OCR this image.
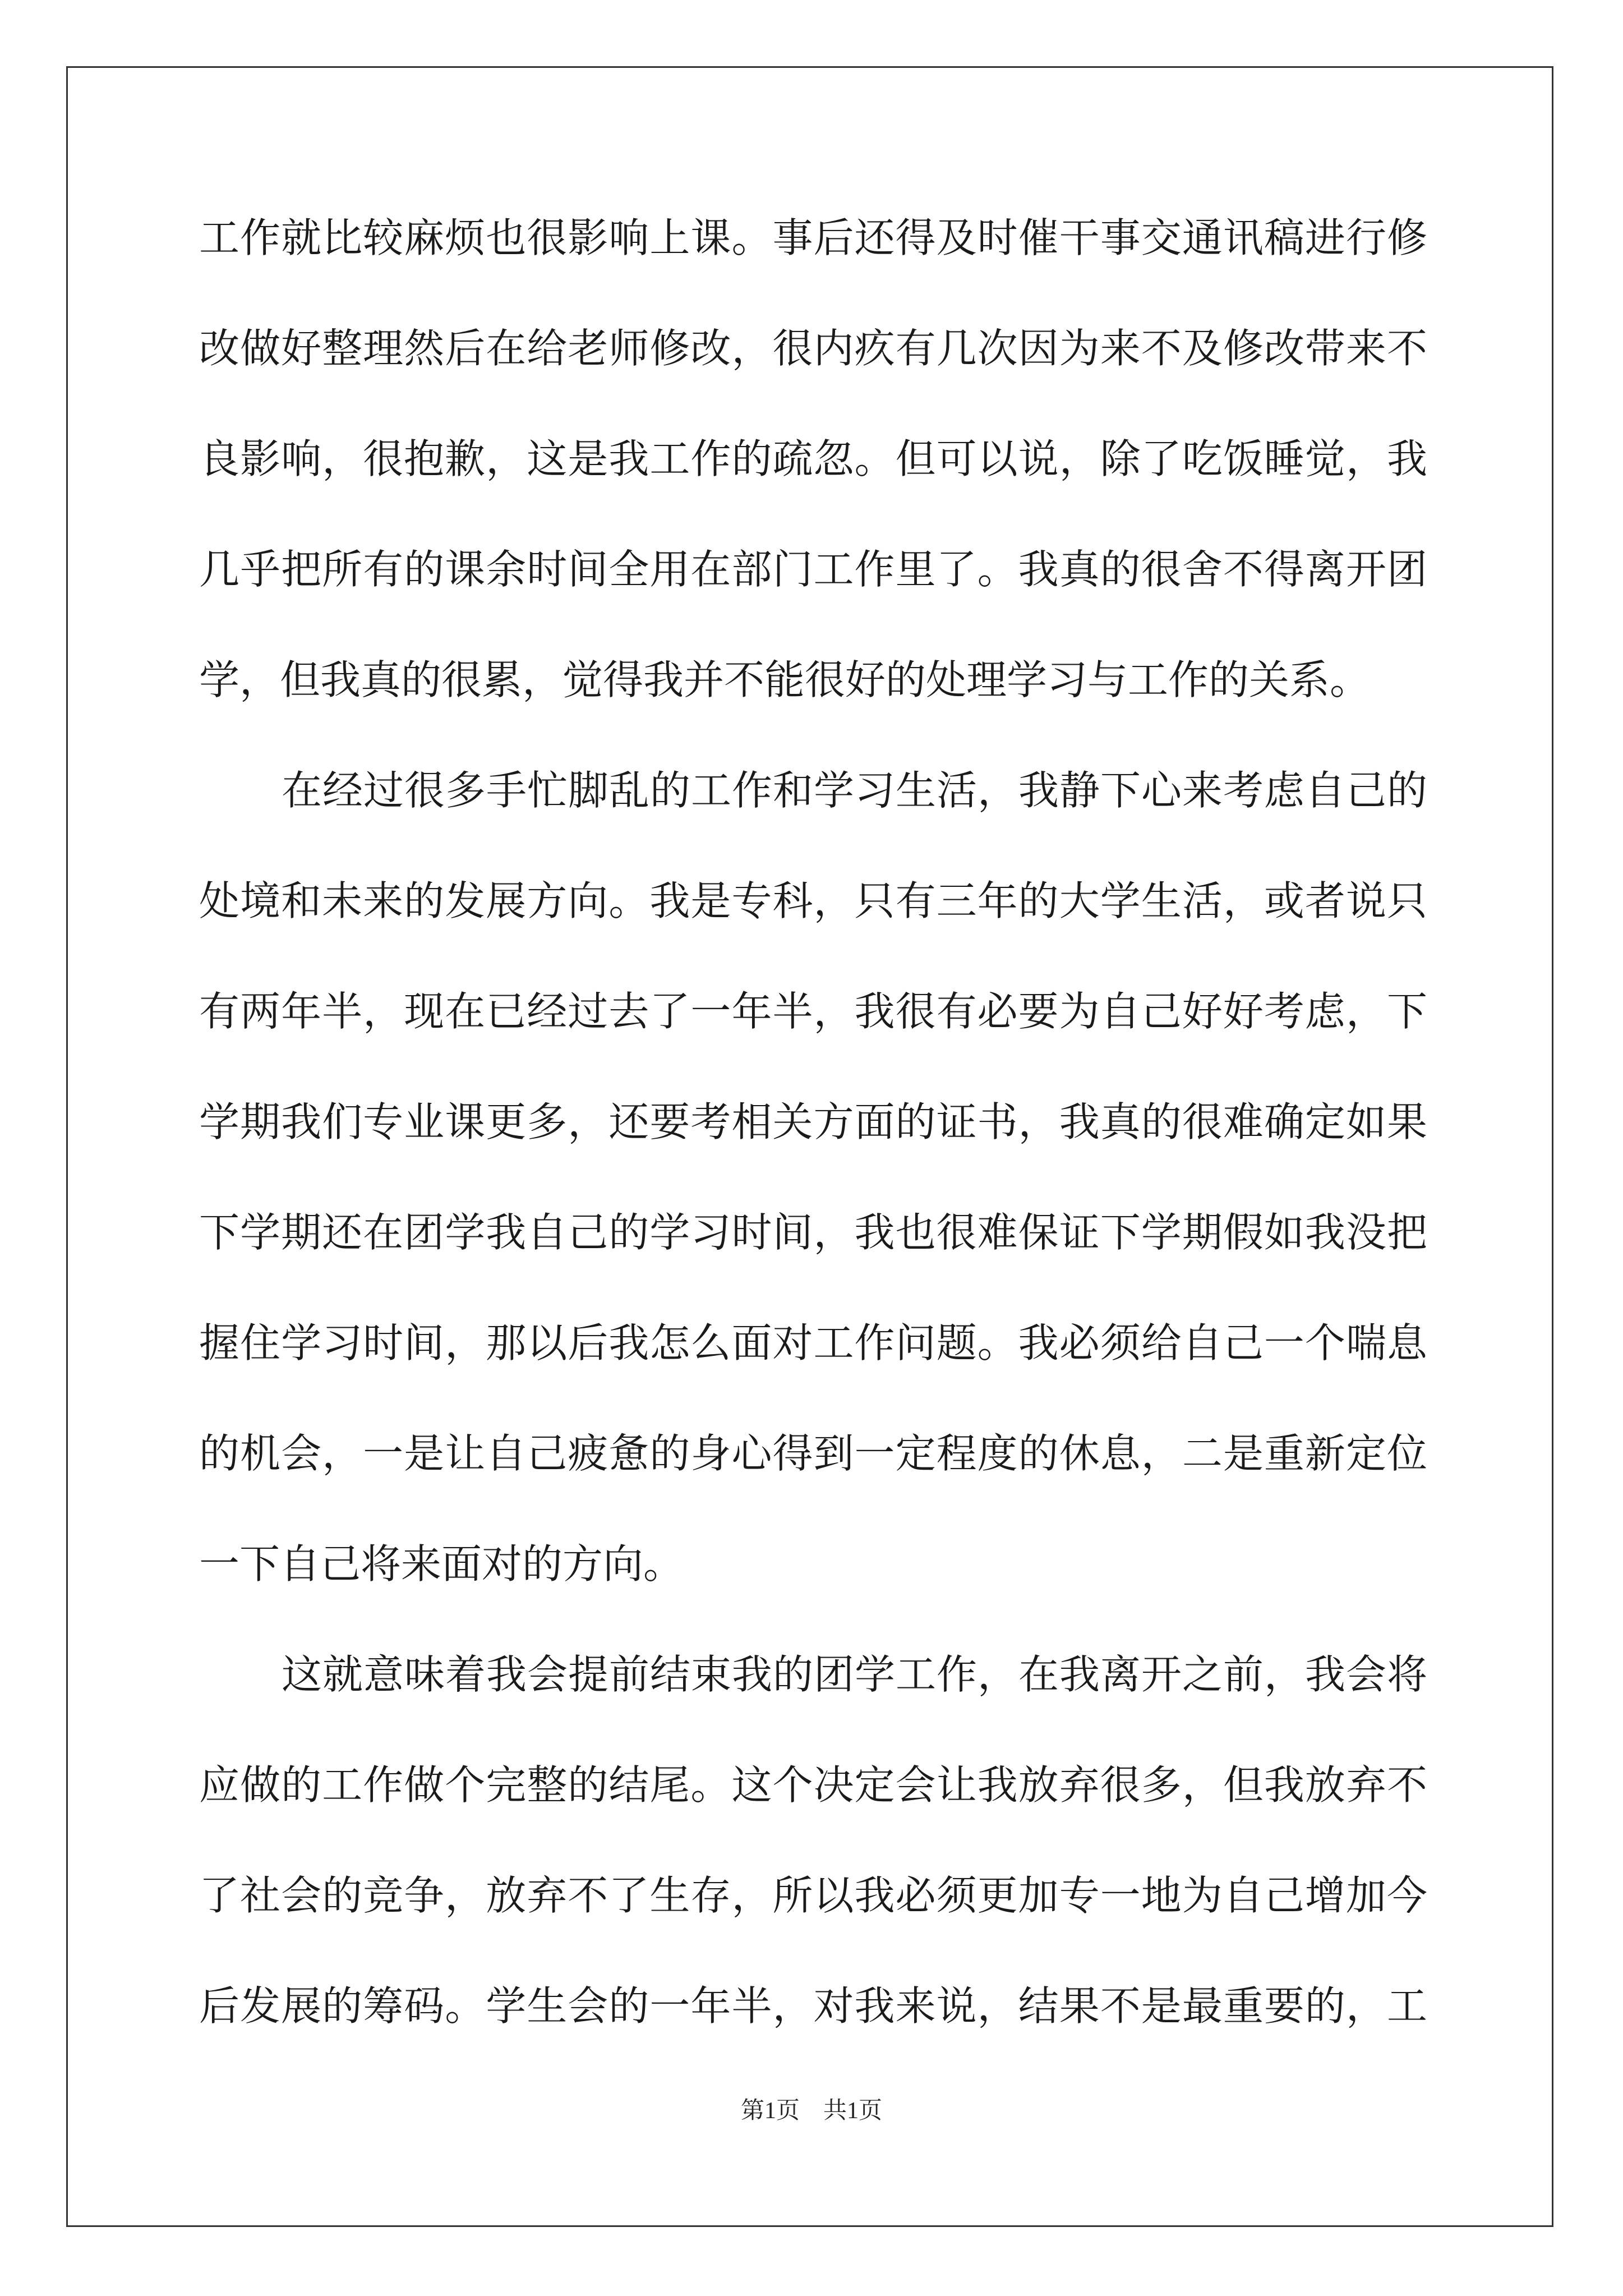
工作就比较麻烦也很影响上课。事后还得及时催干事交通讯稿进行修
改做好整理然后在给老师修改，很内疚有几次因为来不及修改带来不
良影响，很抱歉，这是我工作的疏忽。但可以说，除了吃饭睡觉，我
几乎把所有的课余时间全用在部门工作里了。我真的很舍不得离开团
学，但我真的很累，觉得我并不能很好的处理学习与工作的关系。
在经过很多手忙脚乱的工作和学习生活，我静下心来考虑自己的
处境和未来的发展方向。我是专科，只有三年的大学生活，或者说只
有两年半，现在已经过去了一年半，我很有必要为自己好好考虑，下
学期我们专业课更多，还要考相关方面的证书，我真的很难确定如果
下学期还在团学我自己的学习时间，我也很难保证下学期假如我没把
握住学习时间，那以后我怎么面对工作问题。我必须给自己一个喘息
的机会，一是让自己疲惫的身心得到一定程度的休息，二是重新定位
一下自己将来面对的方向。
这就意味着我会提前结束我的团学工作，在我离开之前，我会将
应做的工作做个完整的结尾。这个决定会让我放弃很多，但我放弃不
了社会的竞争，放弃不了生存，所以我必须更加专一地为自己增加今
后发展的筹码。学生会的一年半，对我来说，结果不是最重要的，工
第1页 共1页
